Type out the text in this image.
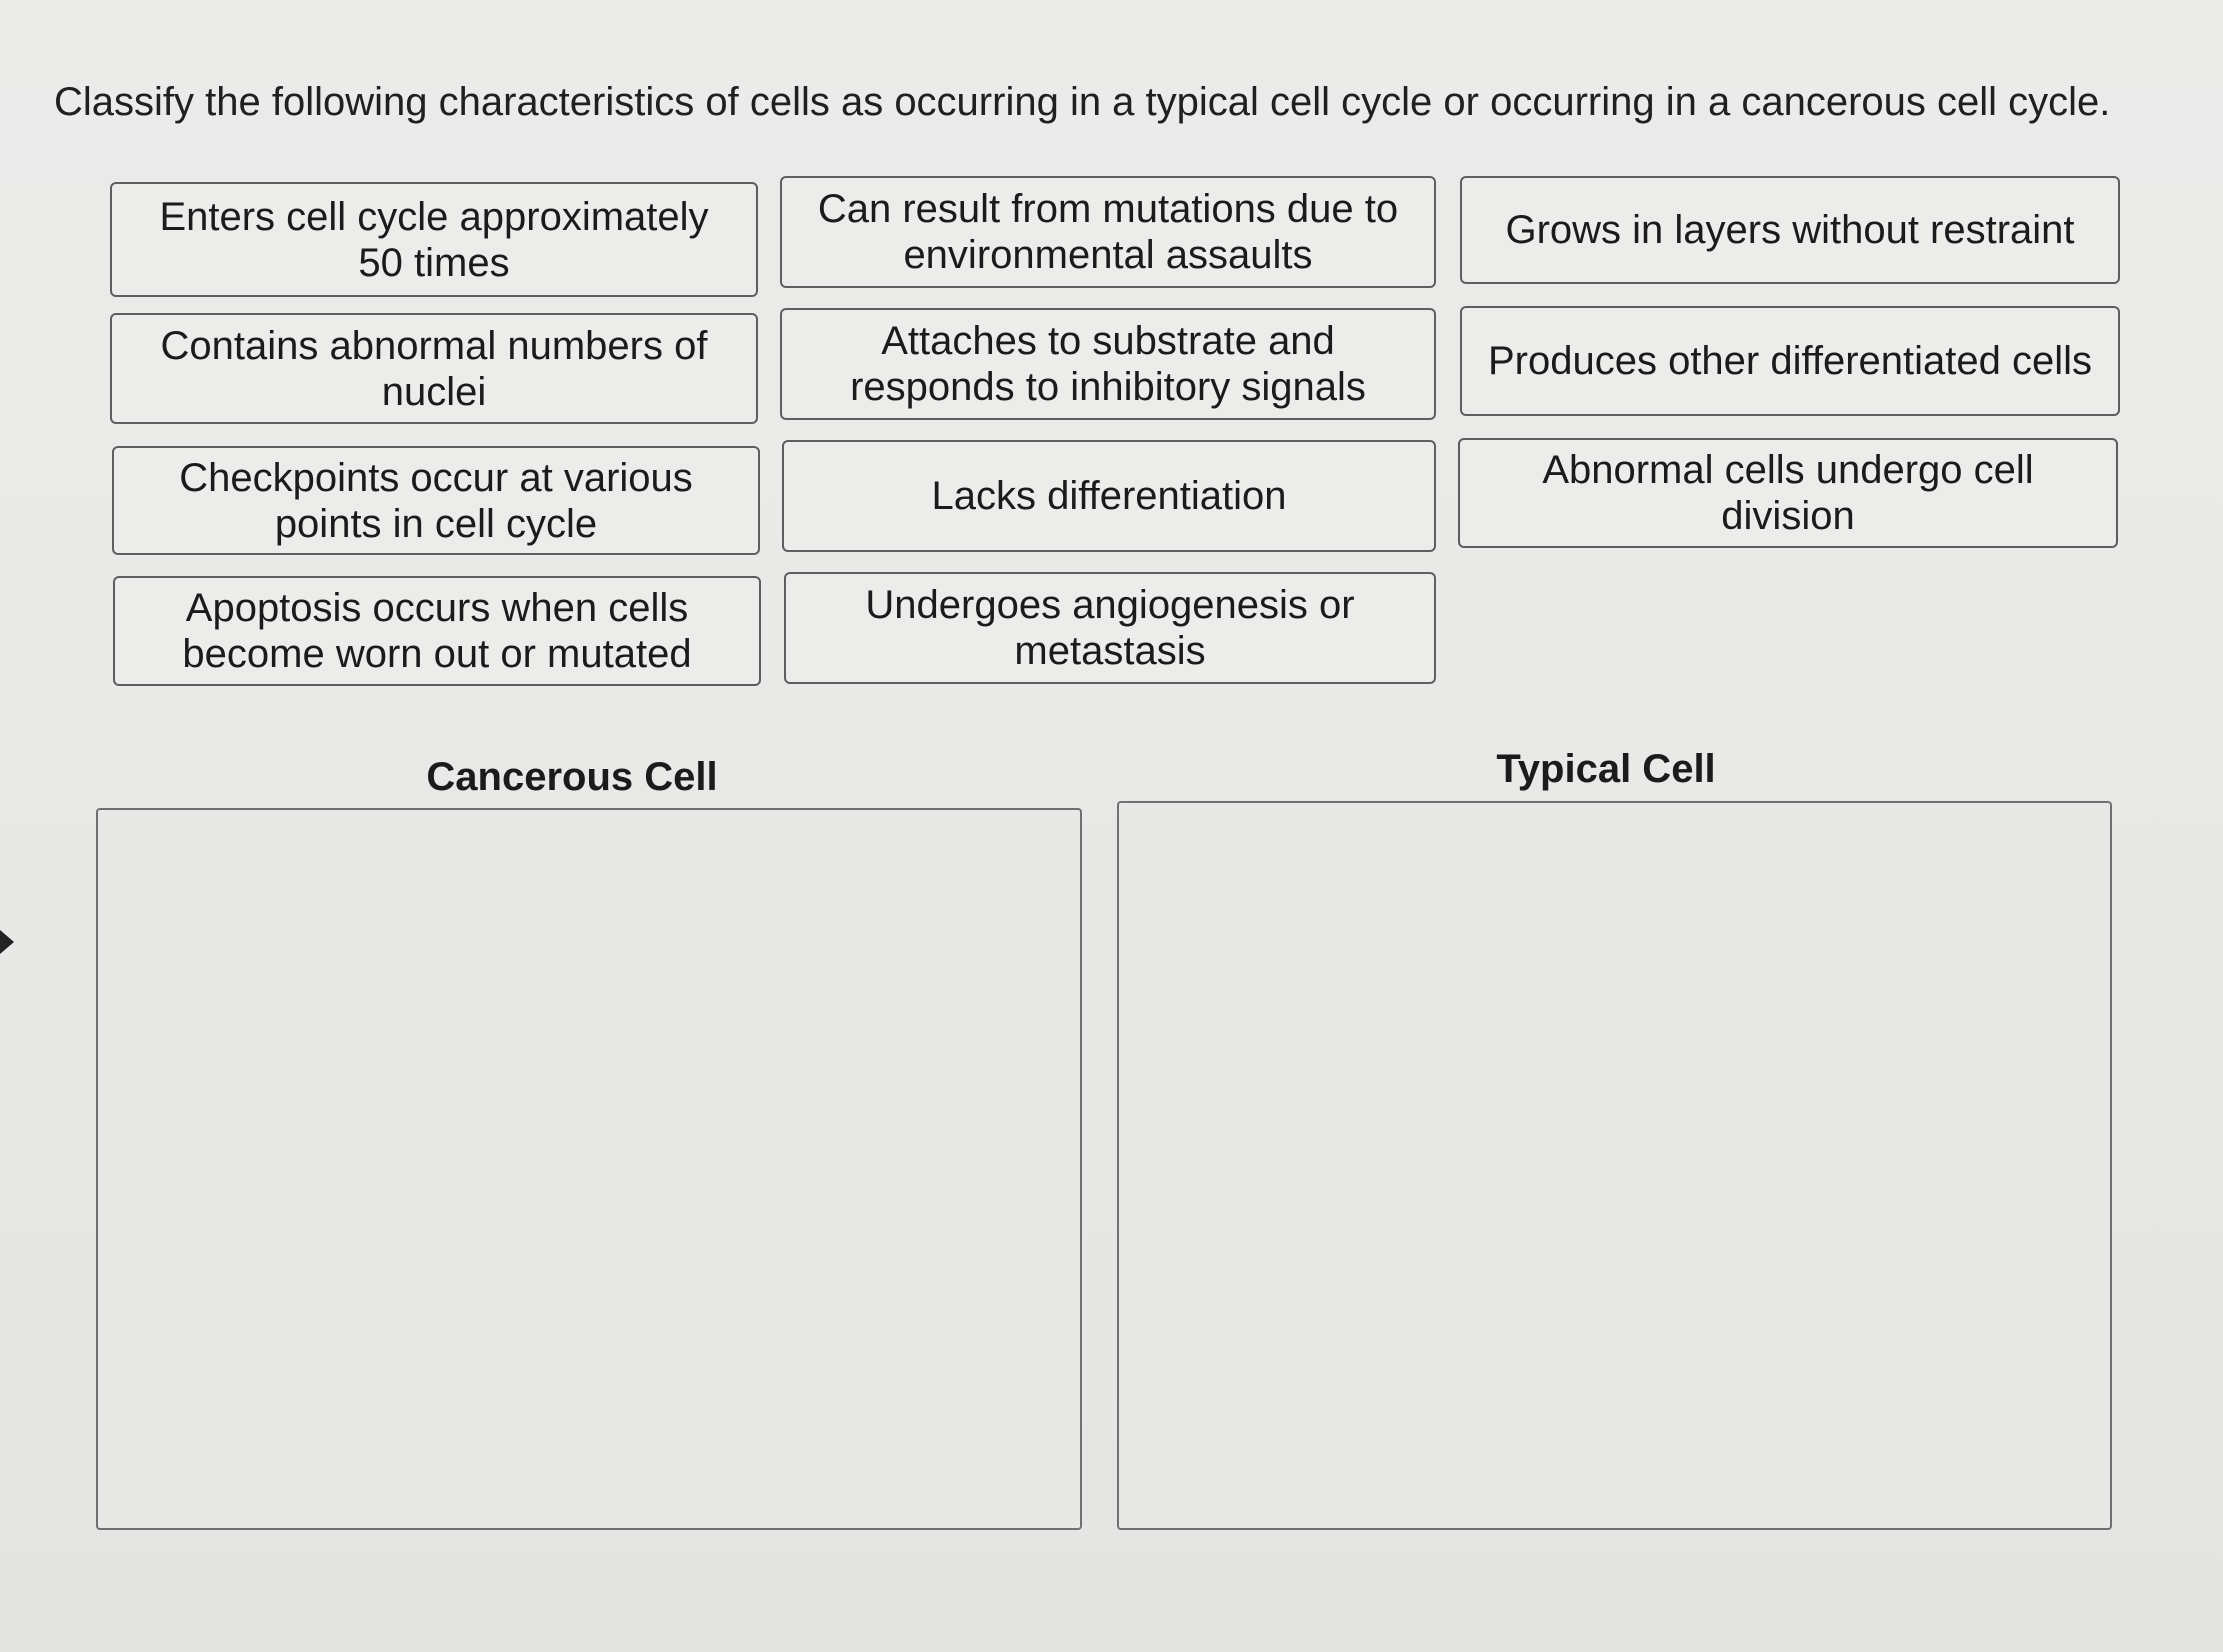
Classify the following characteristics of cells as occurring in a typical cell cycle or occurring in a cancerous cell cycle.
Enters cell cycle approximately 50 times
Can result from mutations due to environmental assaults
Grows in layers without restraint
Contains abnormal numbers of nuclei
Attaches to substrate and responds to inhibitory signals
Produces other differentiated cells
Checkpoints occur at various points in cell cycle
Lacks differentiation
Abnormal cells undergo cell division
Apoptosis occurs when cells become worn out or mutated
Undergoes angiogenesis or metastasis
Cancerous Cell	Typical Cell
